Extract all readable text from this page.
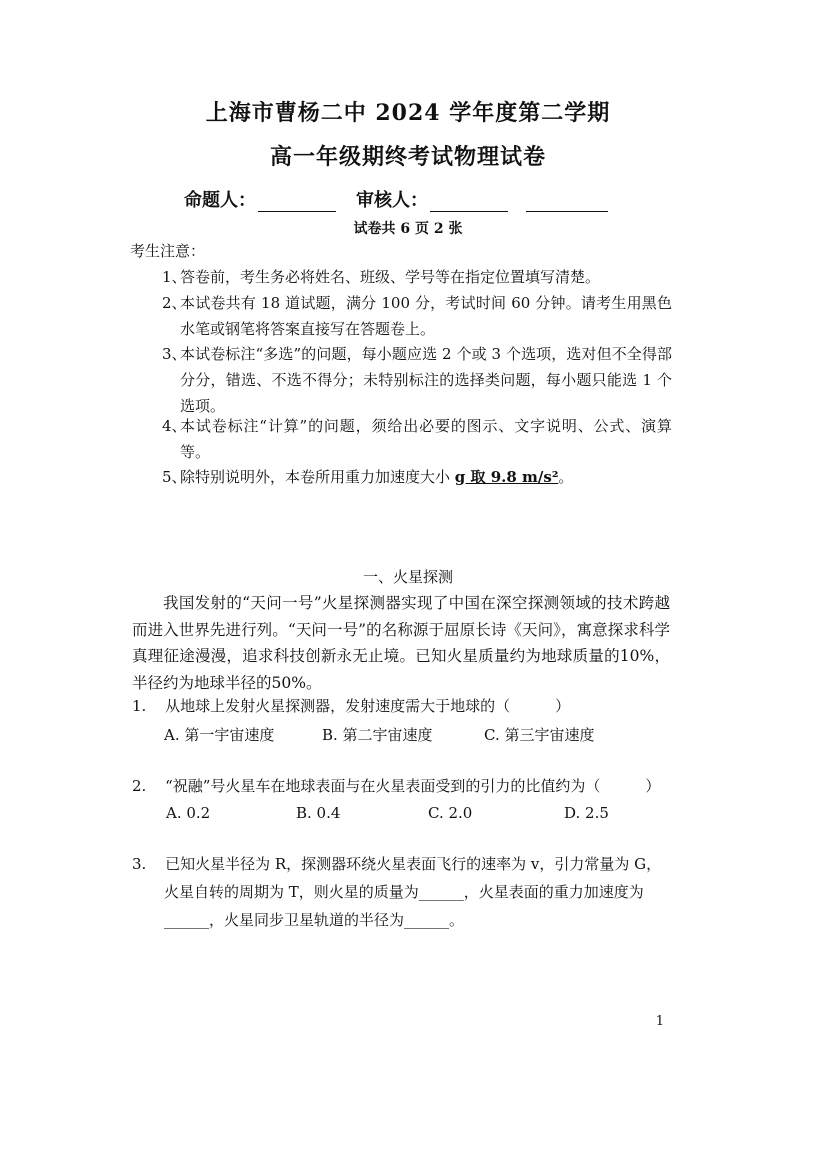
上海市曹杨二中 2024 学年度第二学期
高一年级期终考试物理试卷
命题人：	审核人：
试卷共 6 页 2 张
考生注意：
1、
答卷前，考生务必将姓名、班级、学号等在指定位置填写清楚。
2、
本试卷共有 18 道试题，满分 100 分，考试时间 60 分钟。请考生用黑色水笔或钢笔将答案直接写在答题卷上。
3、
本试卷标注“多选”的问题，每小题应选 2 个或 3 个选项，选对但不全得部分分，错选、不选不得分；未特别标注的选择类问题，每小题只能选 1 个选项。
4、
本试卷标注“计算”的问题，须给出必要的图示、文字说明、公式、演算等。
5、
除特别说明外，本卷所用重力加速度大小 g 取 9.8 m/s²。
一、火星探测
我国发射的“天问一号”火星探测器实现了中国在深空探测领域的技术跨越而进入世界先进行列。“天问一号”的名称源于屈原长诗《天问》，寓意探求科学真理征途漫漫，追求科技创新永无止境。已知火星质量约为地球质量的10%，半径约为地球半径的50%。
1. 从地球上发射火星探测器，发射速度需大于地球的（　　　）
A. 第一宇宙速度	B. 第二宇宙速度	C. 第三宇宙速度
2. “祝融”号火星车在地球表面与在火星表面受到的引力的比值约为（　　　）
A. 0.2	B. 0.4	C. 2.0	D. 2.5
3. 已知火星半径为 R，探测器环绕火星表面飞行的速率为 v，引力常量为 G，
火星自转的周期为 T，则火星的质量为______，火星表面的重力加速度为
______，火星同步卫星轨道的半径为______。
1
